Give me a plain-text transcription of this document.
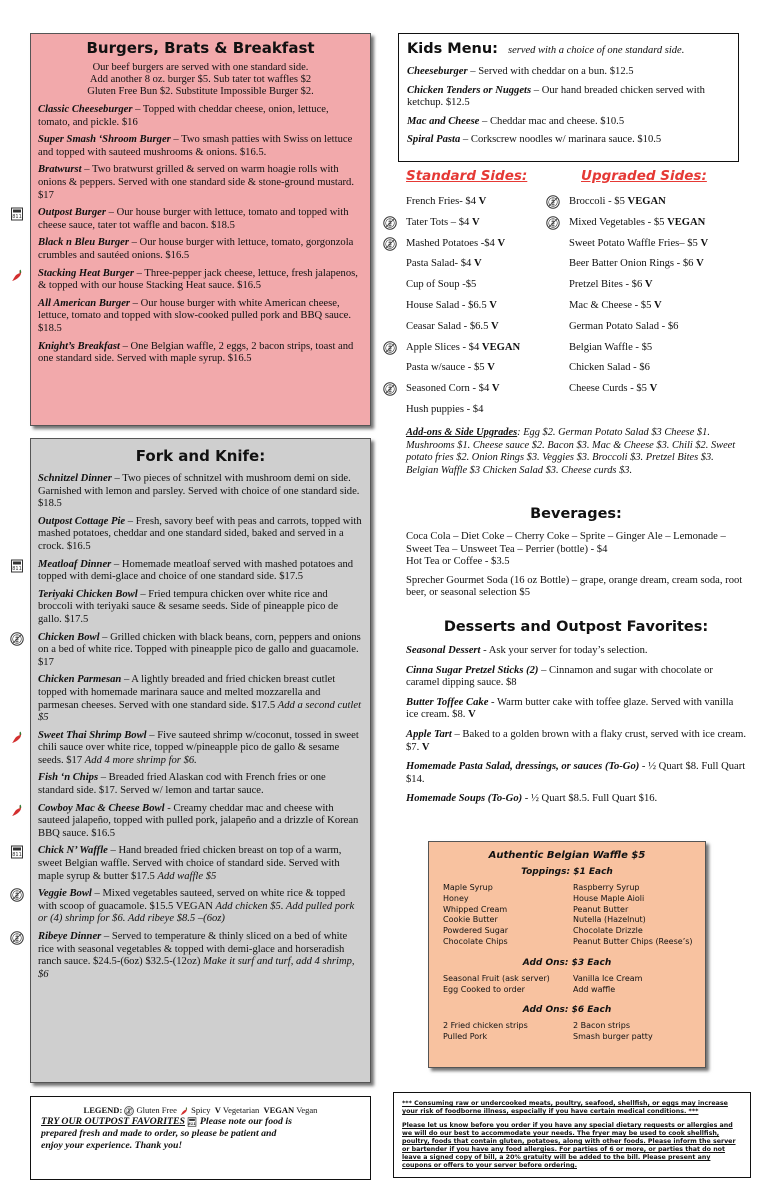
Burgers, Brats & Breakfast
Our beef burgers are served with one standard side.
Add another 8 oz. burger $5. Sub tater tot waffles $2
Gluten Free Bun $2. Substitute Impossible Burger $2.
Classic Cheeseburger – Topped with cheddar cheese, onion, lettuce, tomato, and pickle. $16
Super Smash ‘Shroom Burger – Two smash patties with Swiss on lettuce and topped with sauteed mushrooms & onions. $16.5.
Bratwurst – Two bratwurst grilled & served on warm hoagie rolls with onions & peppers. Served with one standard side & stone-ground mustard. $17
Outpost Burger – Our house burger with lettuce, tomato and topped with cheese sauce, tater tot waffle and bacon. $18.5
Black n Bleu Burger – Our house burger with lettuce, tomato, gorgonzola crumbles and sautéed onions. $16.5
Stacking Heat Burger – Three-pepper jack cheese, lettuce, fresh jalapenos, & topped with our house Stacking Heat sauce. $16.5
All American Burger – Our house burger with white American cheese, lettuce, tomato and topped with slow-cooked pulled pork and BBQ sauce. $18.5
Knight’s Breakfast – One Belgian waffle, 2 eggs, 2 bacon strips, toast and one standard side. Served with maple syrup. $16.5
Fork and Knife:
Schnitzel Dinner – Two pieces of schnitzel with mushroom demi on side. Garnished with lemon and parsley. Served with choice of one standard side. $18.5
Outpost Cottage Pie – Fresh, savory beef with peas and carrots, topped with mashed potatoes, cheddar and one standard sided, baked and served in a crock. $16.5
Meatloaf Dinner – Homemade meatloaf served with mashed potatoes and topped with demi-glace and choice of one standard side. $17.5
Teriyaki Chicken Bowl – Fried tempura chicken over white rice and broccoli with teriyaki sauce & sesame seeds. Side of pineapple pico de gallo. $17.5
Chicken Bowl – Grilled chicken with black beans, corn, peppers and onions on a bed of white rice. Topped with pineapple pico de gallo and guacamole. $17
Chicken Parmesan – A lightly breaded and fried chicken breast cutlet topped with homemade marinara sauce and melted mozzarella and parmesan cheeses. Served with one standard side. $17.5 Add a second cutlet $5
Sweet Thai Shrimp Bowl – Five sauteed shrimp w/coconut, tossed in sweet chili sauce over white rice, topped w/pineapple pico de gallo & sesame seeds. $17 Add 4 more shrimp for $6.
Fish ‘n Chips – Breaded fried Alaskan cod with French fries or one standard side. $17. Served w/ lemon and tartar sauce.
Cowboy Mac & Cheese Bowl - Creamy cheddar mac and cheese with sauteed jalapeño, topped with pulled pork, jalapeño and a drizzle of Korean BBQ sauce. $16.5
Chick N’ Waffle – Hand breaded fried chicken breast on top of a warm, sweet Belgian waffle. Served with choice of standard side. Served with maple syrup & butter $17.5 Add waffle $5
Veggie Bowl – Mixed vegetables sauteed, served on white rice & topped with scoop of guacamole. $15.5 VEGAN Add chicken $5. Add pulled pork or (4) shrimp for $6. Add ribeye $8.5 –(6oz)
Ribeye Dinner – Served to temperature & thinly sliced on a bed of white rice with seasonal vegetables & topped with demi-glace and horseradish ranch sauce. $24.5-(6oz) $32.5-(12oz) Make it surf and turf, add 4 shrimp, $6
Kids Menu: served with a choice of one standard side.
Cheeseburger – Served with cheddar on a bun. $12.5
Chicken Tenders or Nuggets – Our hand breaded chicken served with ketchup. $12.5
Mac and Cheese – Cheddar mac and cheese. $10.5
Spiral Pasta – Corkscrew noodles w/ marinara sauce. $10.5
Standard Sides:	Upgraded Sides:
French Fries- $4 V
Tater Tots – $4 V
Mashed Potatoes -$4 V
Pasta Salad- $4 V
Cup of Soup -$5
House Salad - $6.5 V
Ceasar Salad - $6.5 V
Apple Slices - $4 VEGAN
Pasta w/sauce - $5 V
Seasoned Corn - $4 V
Hush puppies - $4
Broccoli - $5 VEGAN
Mixed Vegetables - $5 VEGAN
Sweet Potato Waffle Fries– $5 V
Beer Batter Onion Rings - $6 V
Pretzel Bites - $6 V
Mac & Cheese - $5 V
German Potato Salad - $6
Belgian Waffle - $5
Chicken Salad - $6
Cheese Curds - $5 V
Add-ons & Side Upgrades: Egg $2. German Potato Salad $3 Cheese $1. Mushrooms $1. Cheese sauce $2. Bacon $3. Mac & Cheese $3. Chili $2. Sweet potato fries $2. Onion Rings $3. Veggies $3. Broccoli $3. Pretzel Bites $3. Belgian Waffle $3 Chicken Salad $3. Cheese curds $3.
Beverages:
Coca Cola – Diet Coke – Cherry Coke – Sprite – Ginger Ale – Lemonade – Sweet Tea – Unsweet Tea – Perrier (bottle) - $4
Hot Tea or Coffee - $3.5
Sprecher Gourmet Soda (16 oz Bottle) – grape, orange dream, cream soda, root beer, or seasonal selection $5
Desserts and Outpost Favorites:
Seasonal Dessert - Ask your server for today’s selection.
Cinna Sugar Pretzel Sticks (2) – Cinnamon and sugar with chocolate or caramel dipping sauce. $8
Butter Toffee Cake - Warm butter cake with toffee glaze. Served with vanilla ice cream. $8. V
Apple Tart – Baked to a golden brown with a flaky crust, served with ice cream. $7. V
Homemade Pasta Salad, dressings, or sauces (To-Go) - ½ Quart $8. Full Quart $14.
Homemade Soups (To-Go) - ½ Quart $8.5. Full Quart $16.
Authentic Belgian Waffle $5
Toppings: $1 Each
Maple Syrup
Honey
Whipped Cream
Cookie Butter
Powdered Sugar
Chocolate Chips
Raspberry Syrup
House Maple Aioli
Peanut Butter
Nutella (Hazelnut)
Chocolate Drizzle
Peanut Butter Chips (Reese’s)
Add Ons: $3 Each
Seasonal Fruit (ask server)
Egg Cooked to order
Vanilla Ice Cream
Add waffle
Add Ons: $6 Each
2 Fried chicken strips
Pulled Pork
2 Bacon strips
Smash burger patty
LEGEND: Gluten Free Spicy V Vegetarian VEGAN Vegan
TRY OUR OUTPOST FAVORITES Please note our food is
prepared fresh and made to order, so please be patient and
enjoy your experience. Thank you!
*** Consuming raw or undercooked meats, poultry, seafood, shellfish, or eggs may increase your risk of foodborne illness, especially if you have certain medical conditions. ***
Please let us know before you order if you have any special dietary requests or allergies and we will do our best to accommodate your needs. The fryer may be used to cook shellfish, poultry, foods that contain gluten, potatoes, along with other foods. Please inform the server or bartender if you have any food allergies. For parties of 6 or more, or parties that do not leave a signed copy of bill, a 20% gratuity will be added to the bill. Please present any coupons or offers to your server before ordering.
